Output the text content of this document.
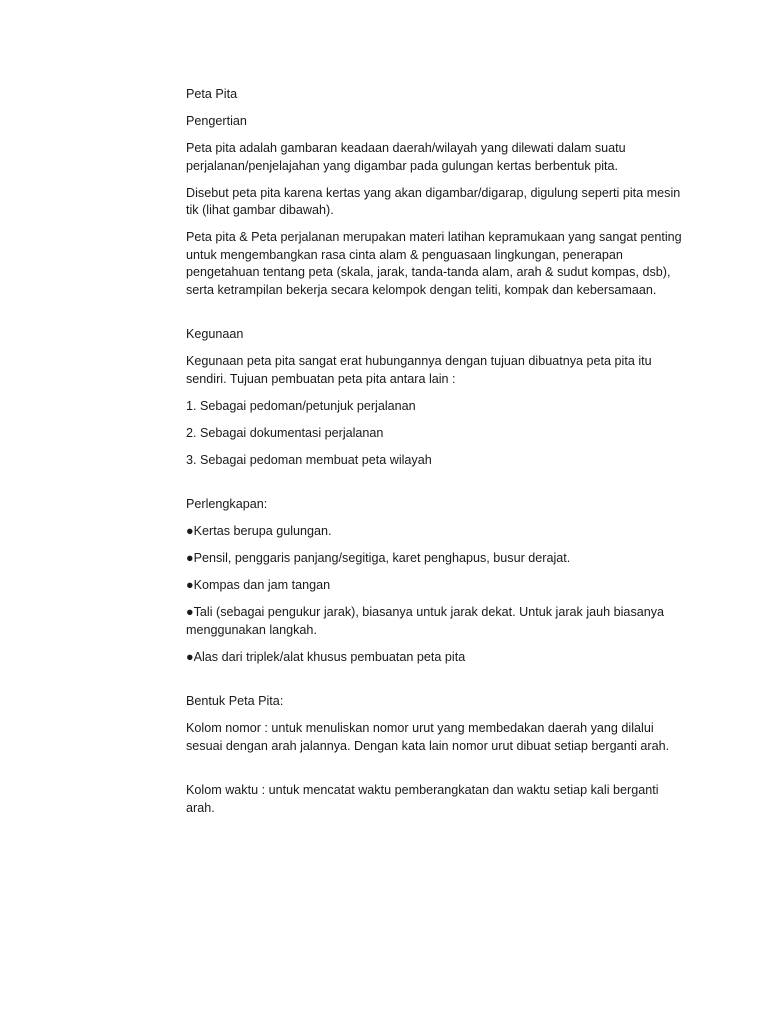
Peta Pita

Pengertian

Peta pita adalah gambaran keadaan daerah/wilayah yang dilewati dalam suatu perjalanan/penjelajahan yang digambar pada gulungan kertas berbentuk pita.

Disebut peta pita karena kertas yang akan digambar/digarap, digulung seperti pita mesin tik (lihat gambar dibawah).

Peta pita & Peta perjalanan merupakan materi latihan kepramukaan yang sangat penting untuk mengembangkan rasa cinta alam & penguasaan lingkungan, penerapan pengetahuan tentang peta (skala, jarak, tanda-tanda alam, arah & sudut kompas, dsb), serta ketrampilan bekerja secara kelompok dengan teliti, kompak dan kebersamaan.

Kegunaan

Kegunaan peta pita sangat erat hubungannya dengan tujuan dibuatnya peta pita itu sendiri. Tujuan pembuatan peta pita antara lain :

1. Sebagai pedoman/petunjuk perjalanan

2. Sebagai dokumentasi perjalanan

3. Sebagai pedoman membuat peta wilayah

Perlengkapan:

●Kertas berupa gulungan.

●Pensil, penggaris panjang/segitiga, karet penghapus, busur derajat.

●Kompas dan jam tangan

●Tali (sebagai pengukur jarak), biasanya untuk jarak dekat. Untuk jarak jauh biasanya menggunakan langkah.

●Alas dari triplek/alat khusus pembuatan peta pita

Bentuk Peta Pita:

Kolom nomor : untuk menuliskan nomor urut yang membedakan daerah yang dilalui sesuai dengan arah jalannya. Dengan kata lain nomor urut dibuat setiap berganti arah.

Kolom waktu : untuk mencatat waktu pemberangkatan dan waktu setiap kali berganti arah.
